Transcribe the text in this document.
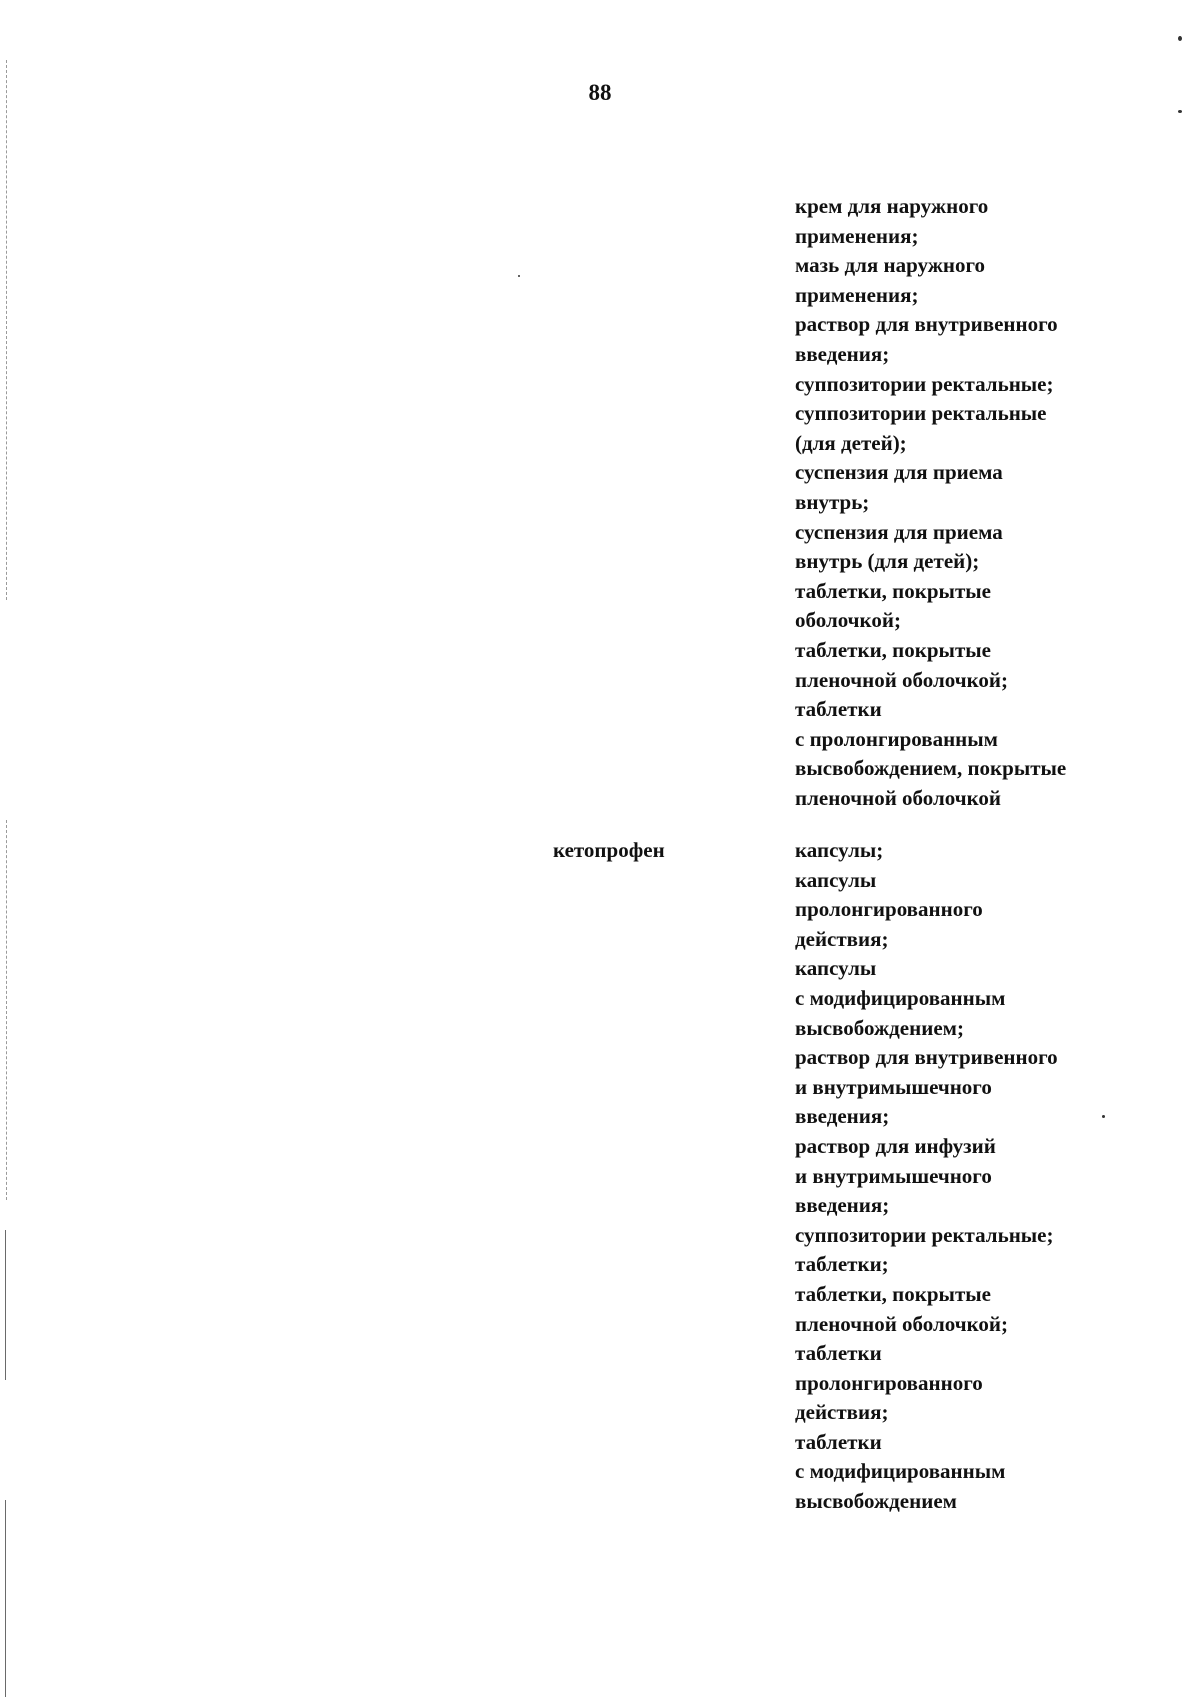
88
крем для наружного
применения;
мазь для наружного
применения;
раствор для внутривенного
введения;
суппозитории ректальные;
суппозитории ректальные
(для детей);
суспензия для приема
внутрь;
суспензия для приема
внутрь (для детей);
таблетки, покрытые
оболочкой;
таблетки, покрытые
пленочной оболочкой;
таблетки
с пролонгированным
высвобождением, покрытые
пленочной оболочкой
кетопрофен	капсулы;
капсулы
пролонгированного
действия;
капсулы
с модифицированным
высвобождением;
раствор для внутривенного
и внутримышечного
введения;
раствор для инфузий
и внутримышечного
введения;
суппозитории ректальные;
таблетки;
таблетки, покрытые
пленочной оболочкой;
таблетки
пролонгированного
действия;
таблетки
с модифицированным
высвобождением
